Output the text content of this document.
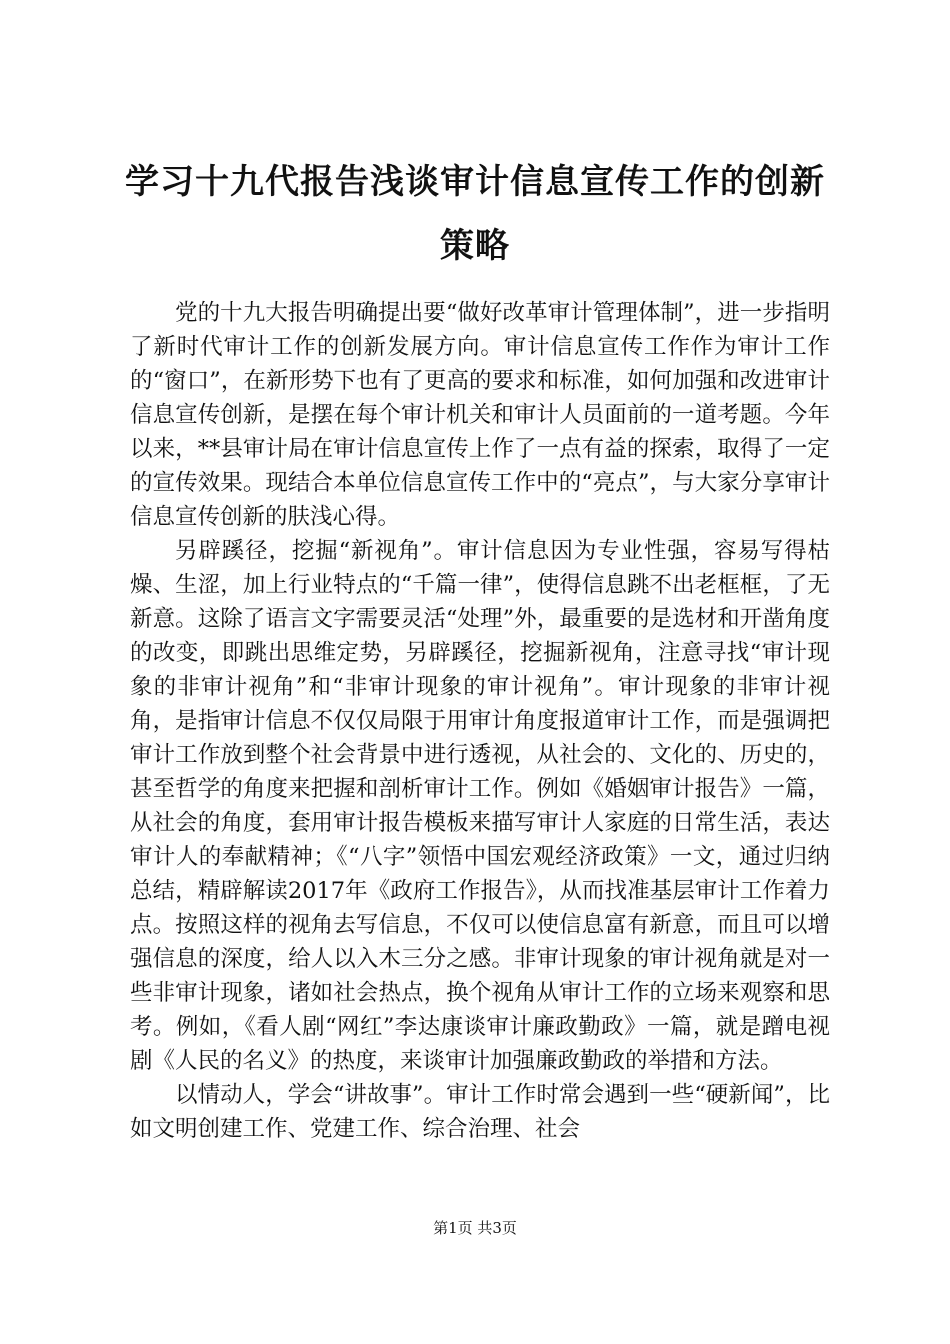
学习十九代报告浅谈审计信息宣传工作的创新
策略

党的十九大报告明确提出要“做好改革审计管理体制”，进一步指明了新时代审计工作的创新发展方向。审计信息宣传工作作为审计工作的“窗口”，在新形势下也有了更高的要求和标准，如何加强和改进审计信息宣传创新，是摆在每个审计机关和审计人员面前的一道考题。今年以来，**县审计局在审计信息宣传上作了一点有益的探索，取得了一定的宣传效果。现结合本单位信息宣传工作中的“亮点”，与大家分享审计信息宣传创新的肤浅心得。

另辟蹊径，挖掘“新视角”。审计信息因为专业性强，容易写得枯燥、生涩，加上行业特点的“千篇一律”，使得信息跳不出老框框，了无新意。这除了语言文字需要灵活“处理”外，最重要的是选材和开凿角度的改变，即跳出思维定势，另辟蹊径，挖掘新视角，注意寻找“审计现象的非审计视角”和“非审计现象的审计视角”。审计现象的非审计视角，是指审计信息不仅仅局限于用审计角度报道审计工作，而是强调把审计工作放到整个社会背景中进行透视，从社会的、文化的、历史的，甚至哲学的角度来把握和剖析审计工作。例如《婚姻审计报告》一篇，从社会的角度，套用审计报告模板来描写审计人家庭的日常生活，表达审计人的奉献精神；《“八字”领悟中国宏观经济政策》一文，通过归纳总结，精辟解读2017年《政府工作报告》，从而找准基层审计工作着力点。按照这样的视角去写信息，不仅可以使信息富有新意，而且可以增强信息的深度，给人以入木三分之感。非审计现象的审计视角就是对一些非审计现象，诸如社会热点，换个视角从审计工作的立场来观察和思考。例如，《看人剧“网红”李达康谈审计廉政勤政》一篇，就是蹭电视剧《人民的名义》的热度，来谈审计加强廉政勤政的举措和方法。

以情动人，学会“讲故事”。审计工作时常会遇到一些“硬新闻”，比如文明创建工作、党建工作、综合治理、社会

第1页 共3页
